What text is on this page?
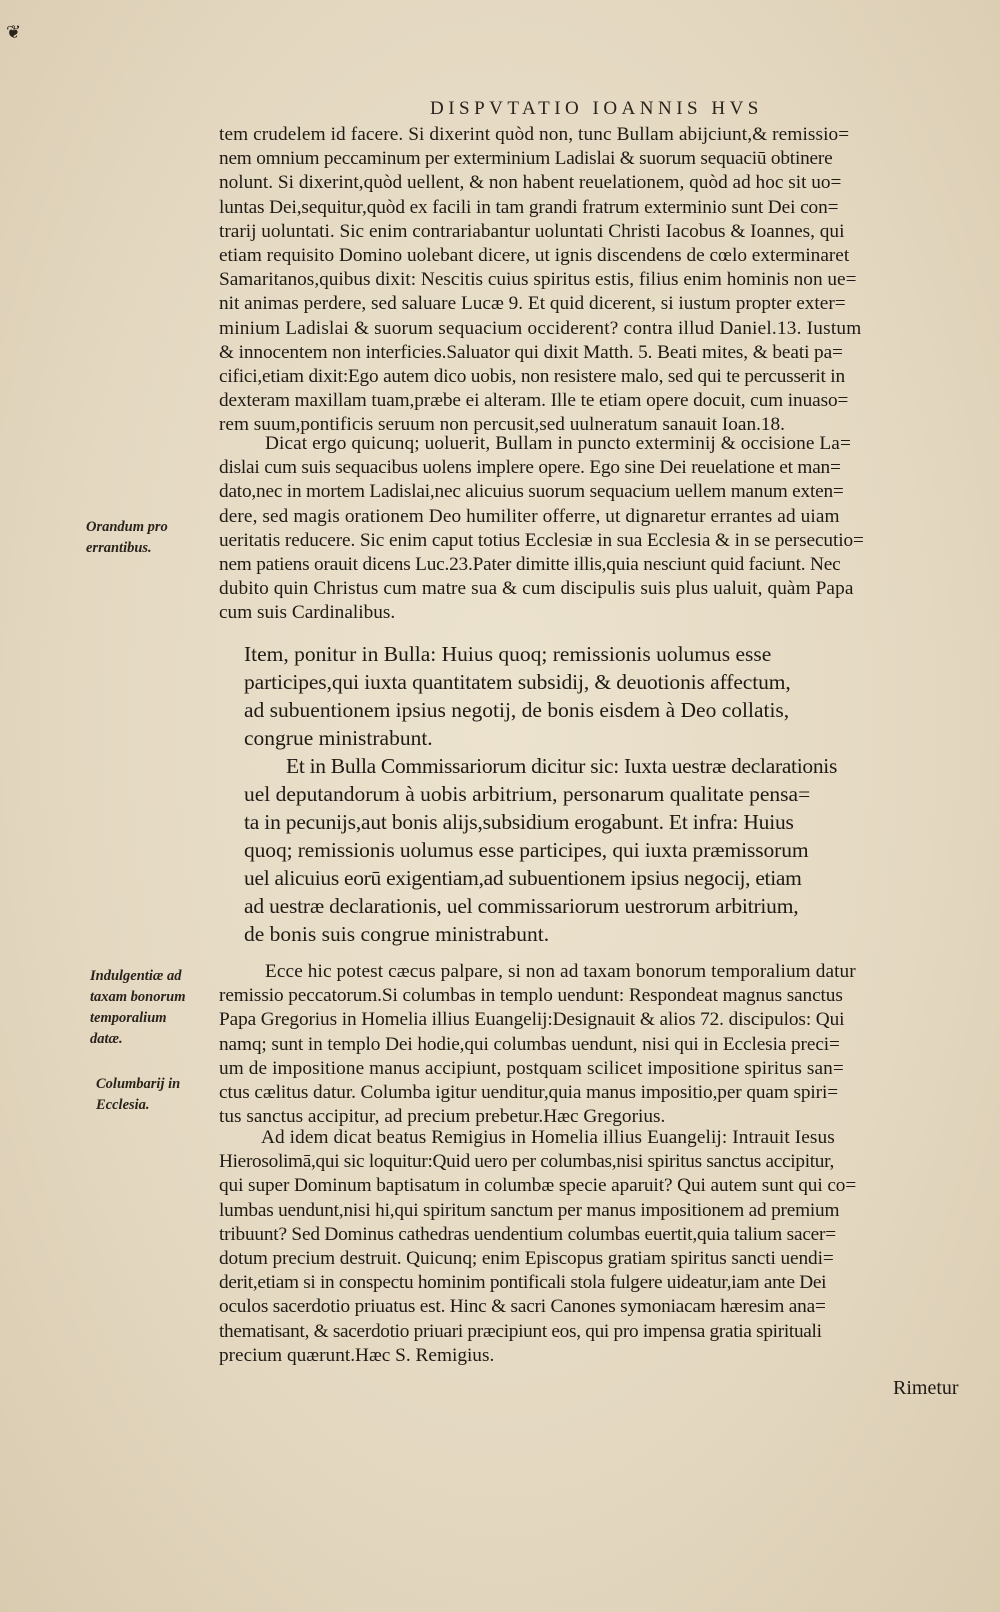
❦
DISPVTATIO IOANNIS HVS
tem crudelem id facere. Si dixerint quòd non, tunc Bullam abijciunt,& remissio=
nem omnium peccaminum per exterminium Ladislai & suorum sequaciū obtinere
nolunt. Si dixerint,quòd uellent, & non habent reuelationem, quòd ad hoc sit uo=
luntas Dei,sequitur,quòd ex facili in tam grandi fratrum exterminio sunt Dei con=
trarij uoluntati. Sic enim contrariabantur uoluntati Christi Iacobus & Ioannes, qui
etiam requisito Domino uolebant dicere, ut ignis discendens de cœlo exterminaret
Samaritanos,quibus dixit: Nescitis cuius spiritus estis, filius enim hominis non ue=
nit animas perdere, sed saluare Lucæ 9. Et quid dicerent, si iustum propter exter=
minium Ladislai & suorum sequacium occiderent? contra illud Daniel.13. Iustum
& innocentem non interficies.Saluator qui dixit Matth. 5. Beati mites, & beati pa=
cifici,etiam dixit:Ego autem dico uobis, non resistere malo, sed qui te percusserit in
dexteram maxillam tuam,præbe ei alteram. Ille te etiam opere docuit, cum inuaso=
rem suum,pontificis seruum non percusit,sed uulneratum sanauit Ioan.18.
Dicat ergo quicunq; uoluerit, Bullam in puncto exterminij & occisione La=
dislai cum suis sequacibus uolens implere opere. Ego sine Dei reuelatione et man=
dato,nec in mortem Ladislai,nec alicuius suorum sequacium uellem manum exten=
dere, sed magis orationem Deo humiliter offerre, ut dignaretur errantes ad uiam
ueritatis reducere. Sic enim caput totius Ecclesiæ in sua Ecclesia & in se persecutio=
nem patiens orauit dicens Luc.23.Pater dimitte illis,quia nesciunt quid faciunt. Nec
dubito quin Christus cum matre sua & cum discipulis suis plus ualuit, quàm Papa
cum suis Cardinalibus.
Orandum pro
errantibus.
Item, ponitur in Bulla: Huius quoq; remissionis uolumus esse
participes,qui iuxta quantitatem subsidij, & deuotionis affectum,
ad subuentionem ipsius negotij, de bonis eisdem à Deo collatis,
congrue ministrabunt.
Et in Bulla Commissariorum dicitur sic: Iuxta uestræ declarationis
uel deputandorum à uobis arbitrium, personarum qualitate pensa=
ta in pecunijs,aut bonis alijs,subsidium erogabunt. Et infra: Huius
quoq; remissionis uolumus esse participes, qui iuxta præmissorum
uel alicuius eorū exigentiam,ad subuentionem ipsius negocij, etiam
ad uestræ declarationis, uel commissariorum uestrorum arbitrium,
de bonis suis congrue ministrabunt.
Ecce hic potest cæcus palpare, si non ad taxam bonorum temporalium datur
remissio peccatorum.Si columbas in templo uendunt: Respondeat magnus sanctus
Papa Gregorius in Homelia illius Euangelij:Designauit & alios 72. discipulos: Qui
namq; sunt in templo Dei hodie,qui columbas uendunt, nisi qui in Ecclesia preci=
um de impositione manus accipiunt, postquam scilicet impositione spiritus san=
ctus cælitus datur. Columba igitur uenditur,quia manus impositio,per quam spiri=
tus sanctus accipitur, ad precium prebetur.Hæc Gregorius.
Indulgentiæ ad
taxam bonorum
temporalium
datæ.
Columbarij in
Ecclesia.
Ad idem dicat beatus Remigius in Homelia illius Euangelij: Intrauit Iesus
Hierosolimā,qui sic loquitur:Quid uero per columbas,nisi spiritus sanctus accipitur,
qui super Dominum baptisatum in columbæ specie aparuit? Qui autem sunt qui co=
lumbas uendunt,nisi hi,qui spiritum sanctum per manus impositionem ad premium
tribuunt? Sed Dominus cathedras uendentium columbas euertit,quia talium sacer=
dotum precium destruit. Quicunq; enim Episcopus gratiam spiritus sancti uendi=
derit,etiam si in conspectu hominim pontificali stola fulgere uideatur,iam ante Dei
oculos sacerdotio priuatus est. Hinc & sacri Canones symoniacam hæresim ana=
thematisant, & sacerdotio priuari præcipiunt eos, qui pro impensa gratia spirituali
precium quærunt.Hæc S. Remigius.
Rimetur
